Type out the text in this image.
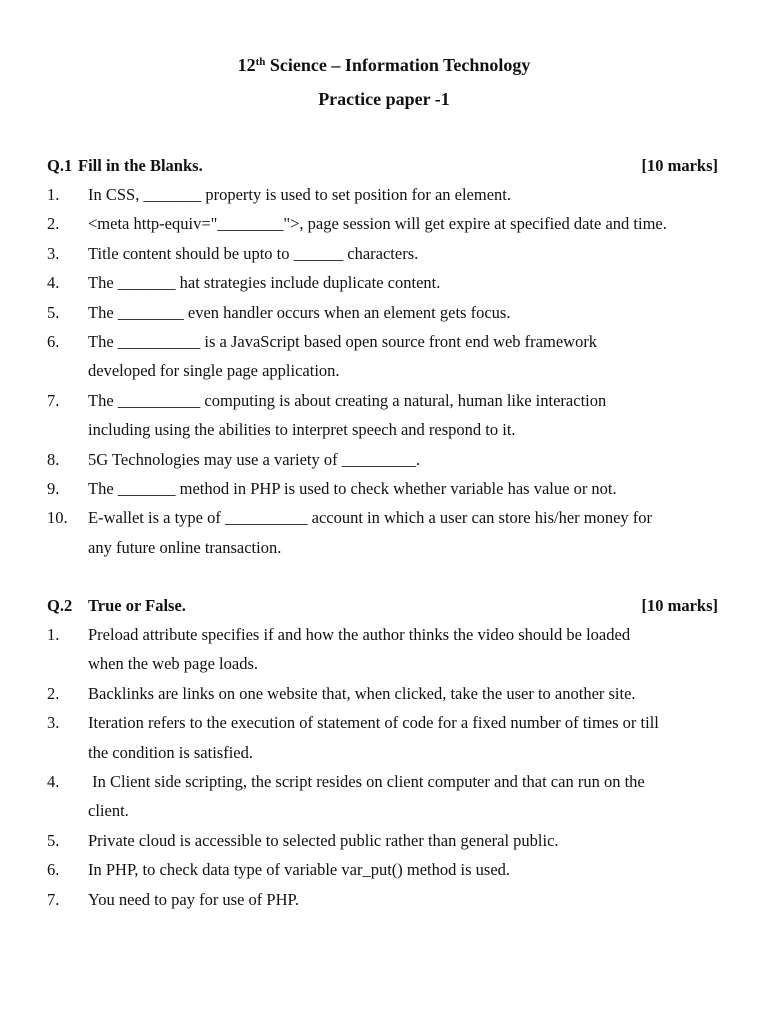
12th Science – Information Technology
Practice paper -1
Q.1 Fill in the Blanks.	[10 marks]
1.	In CSS, _______ property is used to set position for an element.
2.	<meta http-equiv="________">, page session will get expire at specified date and time.
3.	Title content should be upto to ______ characters.
4.	The _______ hat strategies include duplicate content.
5.	The ________ even handler occurs when an element gets focus.
6.	The __________ is a JavaScript based open source front end web framework
developed for single page application.
7.	The __________ computing is about creating a natural, human like interaction
including using the abilities to interpret speech and respond to it.
8.	5G Technologies may use a variety of _________.
9.	The _______ method in PHP is used to check whether variable has value or not.
10.	E-wallet is a type of __________ account in which a user can store his/her money for
any future online transaction.
Q.2 True or False.	[10 marks]
1.	Preload attribute specifies if and how the author thinks the video should be loaded
when the web page loads.
2.	Backlinks are links on one website that, when clicked, take the user to another site.
3.	Iteration refers to the execution of statement of code for a fixed number of times or till
the condition is satisfied.
4.	In Client side scripting, the script resides on client computer and that can run on the
client.
5.	Private cloud is accessible to selected public rather than general public.
6.	In PHP, to check data type of variable var_put() method is used.
7.	You need to pay for use of PHP.
